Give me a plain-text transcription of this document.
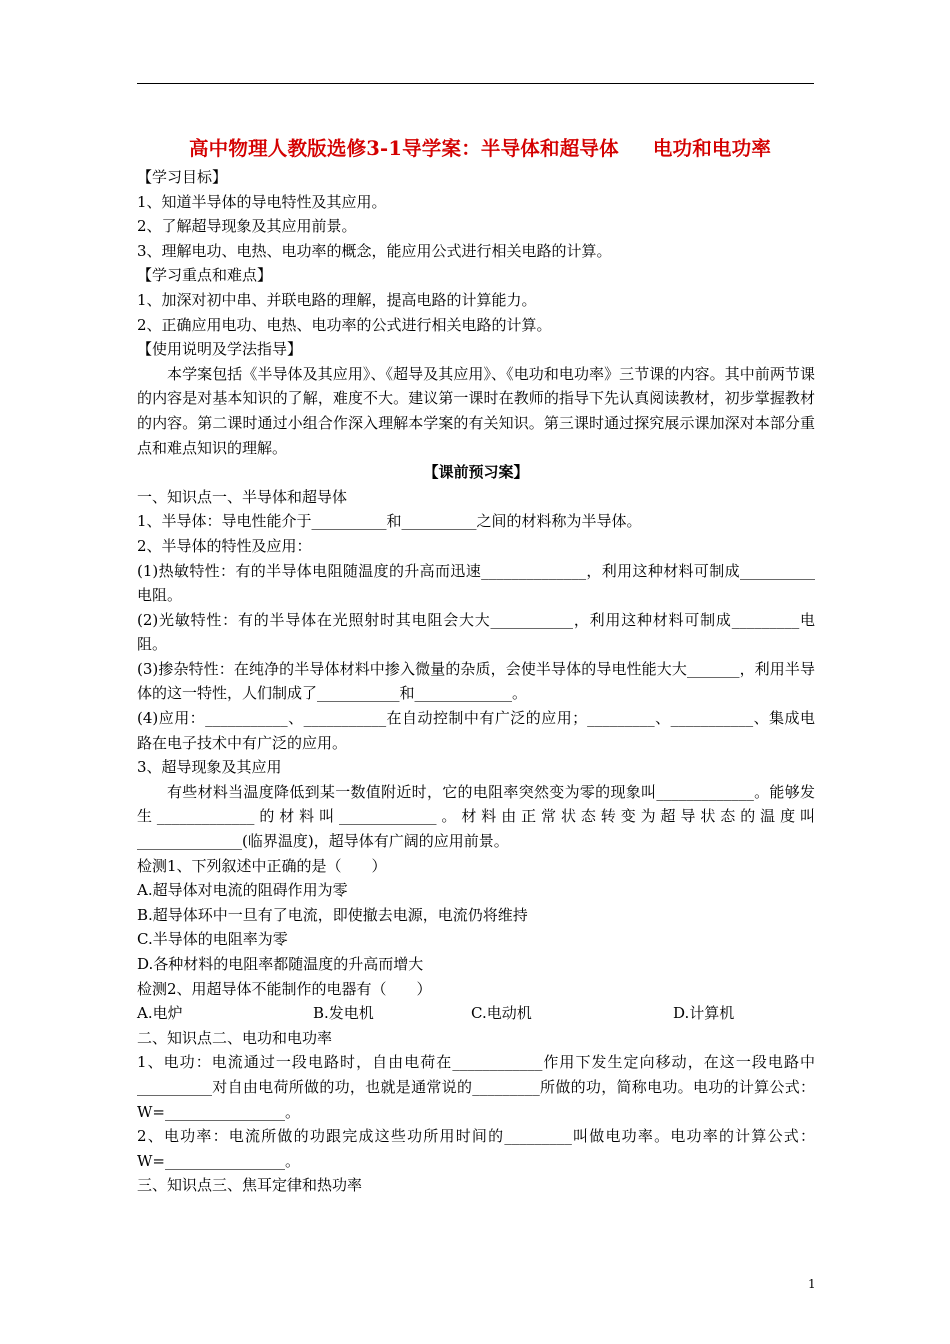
高中物理人教版选修3-1导学案：半导体和超导体 电功和电功率
【学习目标】
1、知道半导体的导电特性及其应用。
2、了解超导现象及其应用前景。
3、理解电功、电热、电功率的概念，能应用公式进行相关电路的计算。
【学习重点和难点】
1、加深对初中串、并联电路的理解，提高电路的计算能力。
2、正确应用电功、电热、电功率的公式进行相关电路的计算。
【使用说明及学法指导】
本学案包括《半导体及其应用》、《超导及其应用》、《电功和电功率》三节课的内容。其中前两节课的内容是对基本知识的了解，难度不大。建议第一课时在教师的指导下先认真阅读教材，初步掌握教材的内容。第二课时通过小组合作深入理解本学案的有关知识。第三课时通过探究展示课加深对本部分重点和难点知识的理解。
【课前预习案】
一、知识点一、半导体和超导体
1、半导体：导电性能介于__________和__________之间的材料称为半导体。
2、半导体的特性及应用：
(1)热敏特性：有的半导体电阻随温度的升高而迅速______________，利用这种材料可制成__________电阻。
(2)光敏特性：有的半导体在光照射时其电阻会大大___________，利用这种材料可制成_________电阻。
(3)掺杂特性：在纯净的半导体材料中掺入微量的杂质，会使半导体的导电性能大大_______，利用半导体的这一特性，人们制成了___________和_____________。
(4)应用：___________、___________在自动控制中有广泛的应用；_________、___________、集成电路在电子技术中有广泛的应用。
3、超导现象及其应用
有些材料当温度降低到某一数值附近时，它的电阻率突然变为零的现象叫_____________。能够发生_____________的材料叫_____________。材料由正常状态转变为超导状态的温度叫______________(临界温度)，超导体有广阔的应用前景。
检测1、下列叙述中正确的是（　　）
A.超导体对电流的阻碍作用为零
B.超导体环中一旦有了电流，即使撤去电源，电流仍将维持
C.半导体的电阻率为零
D.各种材料的电阻率都随温度的升高而增大
检测2、用超导体不能制作的电器有（　　）
A.电炉	B.发电机	C.电动机	D.计算机
二、知识点二、电功和电功率
1、电功：电流通过一段电路时，自由电荷在____________作用下发生定向移动，在这一段电路中__________对自由电荷所做的功，也就是通常说的_________所做的功，简称电功。电功的计算公式：W=________________。
2、电功率：电流所做的功跟完成这些功所用时间的_________叫做电功率。电功率的计算公式：W=________________。
三、知识点三、焦耳定律和热功率
1
